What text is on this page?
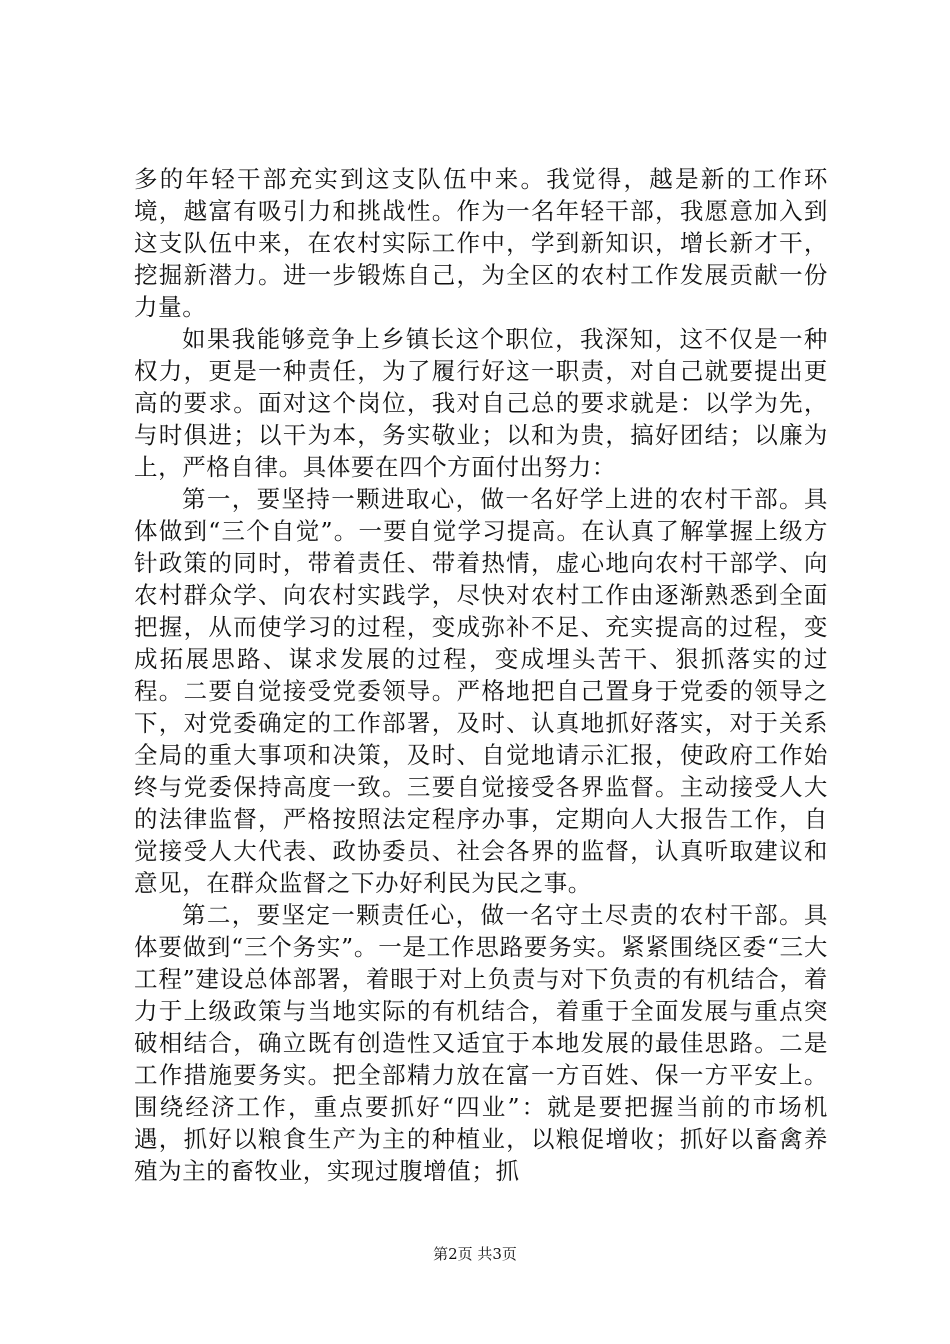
多的年轻干部充实到这支队伍中来。我觉得，越是新的工作环境，越富有吸引力和挑战性。作为一名年轻干部，我愿意加入到这支队伍中来，在农村实际工作中，学到新知识，增长新才干，挖掘新潜力。进一步锻炼自己，为全区的农村工作发展贡献一份力量。

如果我能够竞争上乡镇长这个职位，我深知，这不仅是一种权力，更是一种责任，为了履行好这一职责，对自己就要提出更高的要求。面对这个岗位，我对自己总的要求就是：以学为先，与时俱进；以干为本，务实敬业；以和为贵，搞好团结；以廉为上，严格自律。具体要在四个方面付出努力：

第一，要坚持一颗进取心，做一名好学上进的农村干部。具体做到“三个自觉”。一要自觉学习提高。在认真了解掌握上级方针政策的同时，带着责任、带着热情，虚心地向农村干部学、向农村群众学、向农村实践学，尽快对农村工作由逐渐熟悉到全面把握，从而使学习的过程，变成弥补不足、充实提高的过程，变成拓展思路、谋求发展的过程，变成埋头苦干、狠抓落实的过程。二要自觉接受党委领导。严格地把自己置身于党委的领导之下，对党委确定的工作部署，及时、认真地抓好落实，对于关系全局的重大事项和决策，及时、自觉地请示汇报，使政府工作始终与党委保持高度一致。三要自觉接受各界监督。主动接受人大的法律监督，严格按照法定程序办事，定期向人大报告工作，自觉接受人大代表、政协委员、社会各界的监督，认真听取建议和意见，在群众监督之下办好利民为民之事。

第二，要坚定一颗责任心，做一名守土尽责的农村干部。具体要做到“三个务实”。一是工作思路要务实。紧紧围绕区委“三大工程”建设总体部署，着眼于对上负责与对下负责的有机结合，着力于上级政策与当地实际的有机结合，着重于全面发展与重点突破相结合，确立既有创造性又适宜于本地发展的最佳思路。二是工作措施要务实。把全部精力放在富一方百姓、保一方平安上。围绕经济工作，重点要抓好“四业”：就是要把握当前的市场机遇，抓好以粮食生产为主的种植业，以粮促增收；抓好以畜禽养殖为主的畜牧业，实现过腹增值；抓

第2页 共3页
